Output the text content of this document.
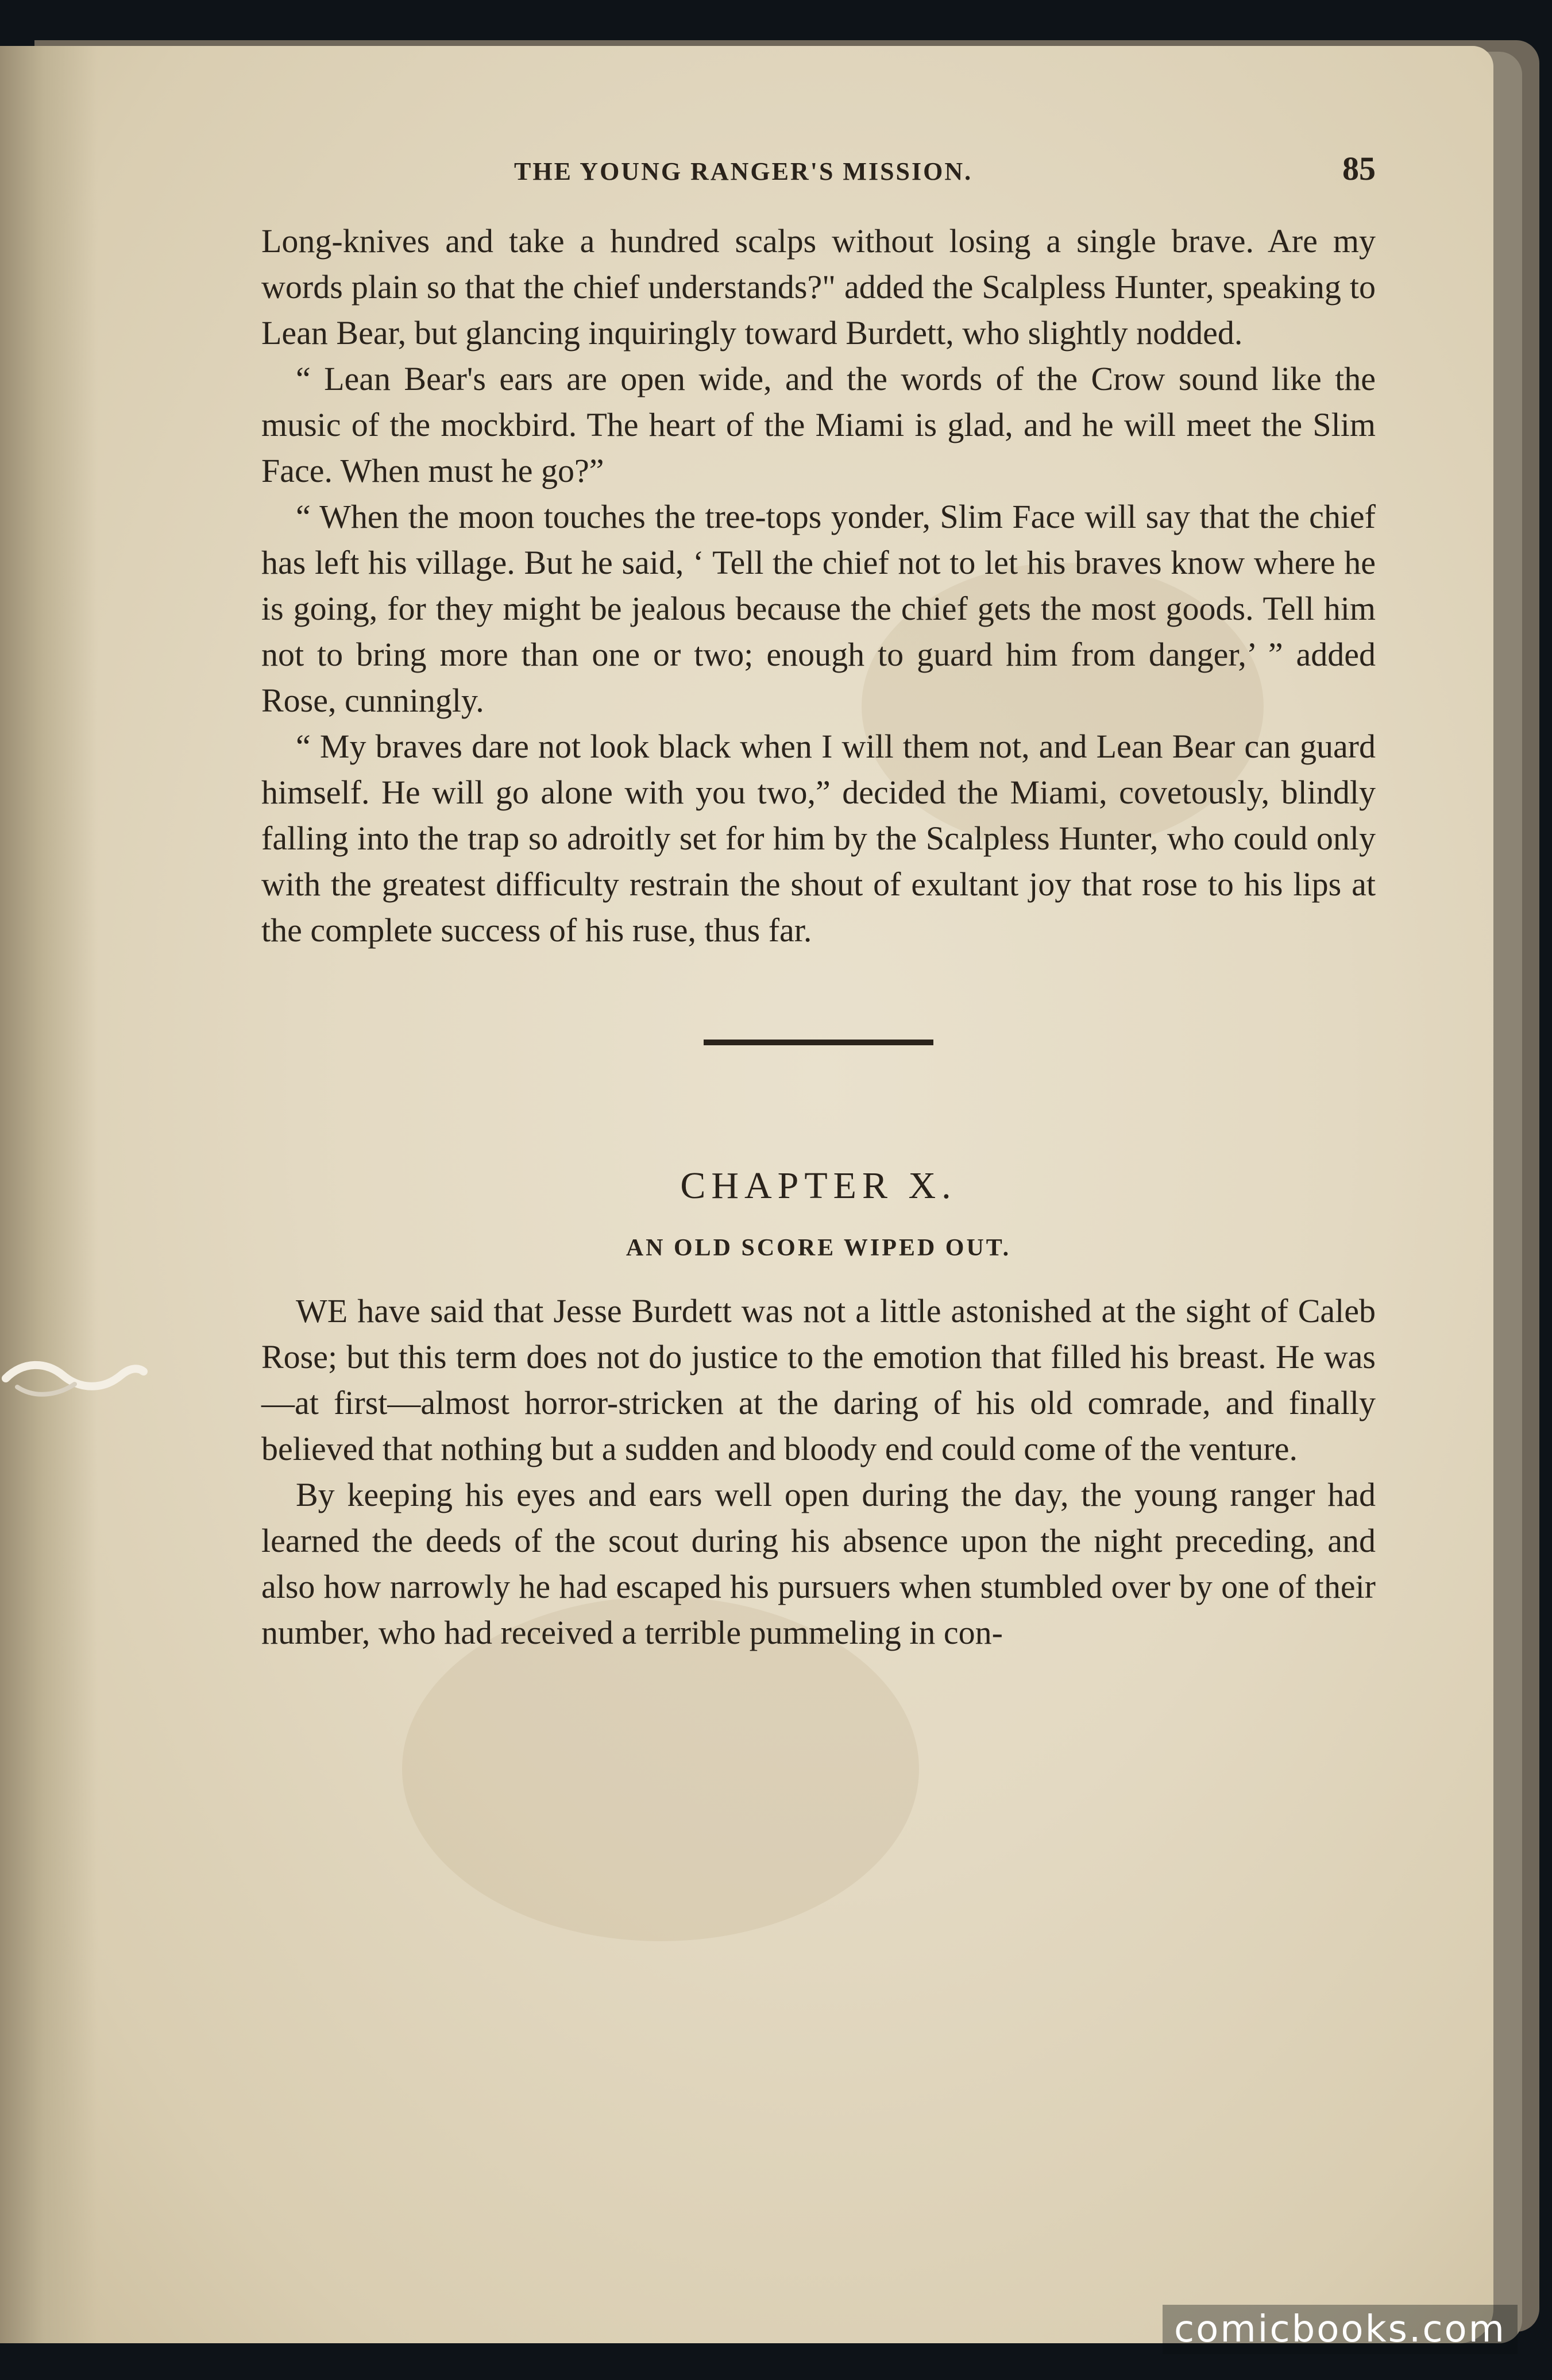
THE YOUNG RANGER'S MISSION.	85

Long-knives and take a hundred scalps without losing a single brave. Are my words plain so that the chief understands?" added the Scalpless Hunter, speaking to Lean Bear, but glancing inquiringly toward Burdett, who slightly nodded.

“ Lean Bear's ears are open wide, and the words of the Crow sound like the music of the mockbird. The heart of the Miami is glad, and he will meet the Slim Face. When must he go?”

“ When the moon touches the tree-tops yonder, Slim Face will say that the chief has left his village. But he said, ‘ Tell the chief not to let his braves know where he is going, for they might be jealous because the chief gets the most goods. Tell him not to bring more than one or two; enough to guard him from danger,’ ” added Rose, cunningly.

“ My braves dare not look black when I will them not, and Lean Bear can guard himself. He will go alone with you two,” decided the Miami, covetously, blindly falling into the trap so adroitly set for him by the Scalpless Hunter, who could only with the greatest difficulty restrain the shout of exultant joy that rose to his lips at the complete success of his ruse, thus far.

CHAPTER X.
AN OLD SCORE WIPED OUT.

WE have said that Jesse Burdett was not a little astonished at the sight of Caleb Rose; but this term does not do justice to the emotion that filled his breast. He was—at first—almost horror-stricken at the daring of his old comrade, and finally believed that nothing but a sudden and bloody end could come of the venture.

By keeping his eyes and ears well open during the day, the young ranger had learned the deeds of the scout during his absence upon the night preceding, and also how narrowly he had escaped his pursuers when stumbled over by one of their number, who had received a terrible pummeling in con-

comicbooks.com
